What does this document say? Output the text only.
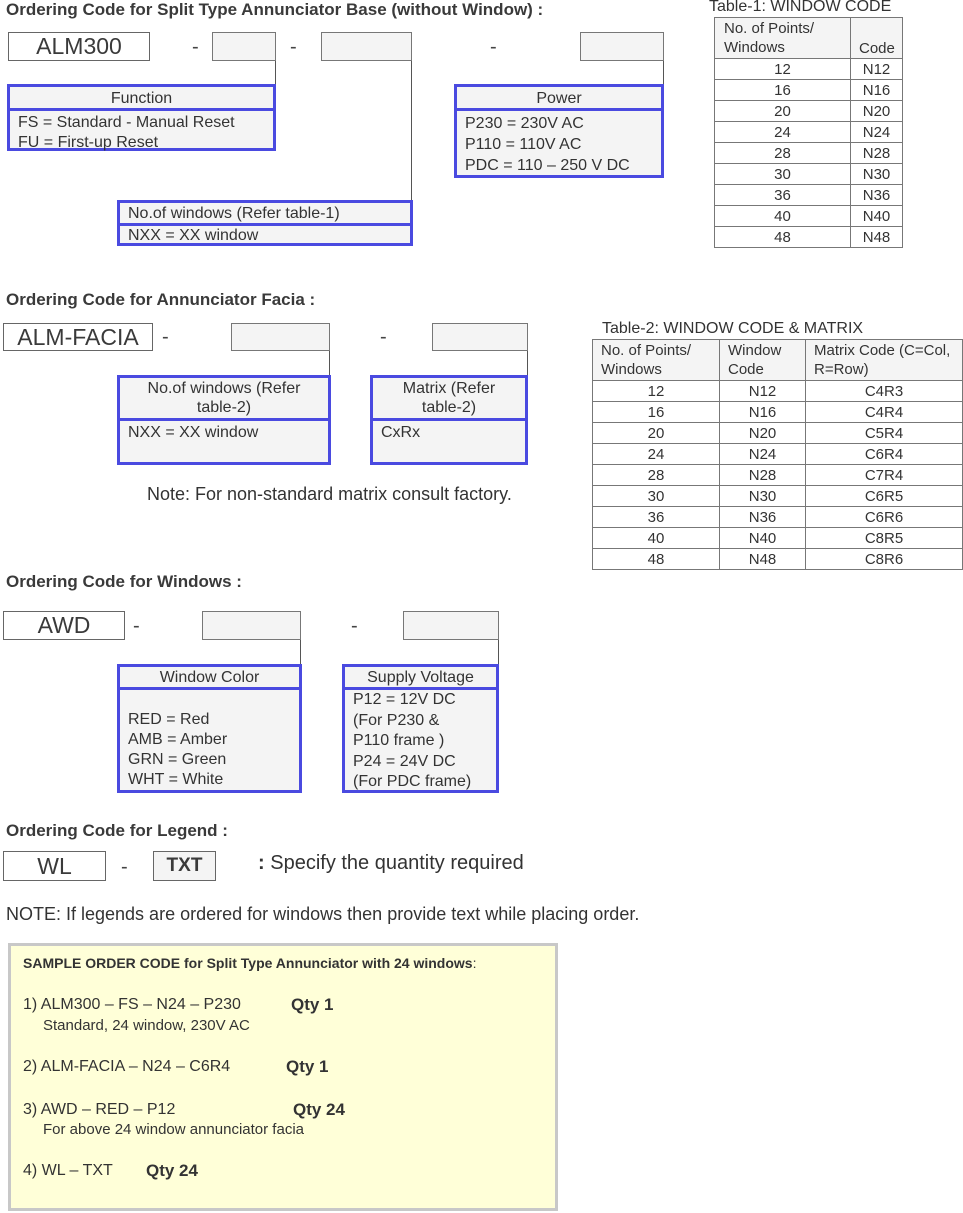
Ordering Code for Split Type Annunciator Base (without Window) :
ALM300	-	-	-
Function
FS = Standard - Manual Reset
FU = First-up Reset
Power
P230 = 230V AC
P110 = 110V AC
PDC = 110 – 250 V DC
No.of windows (Refer table-1)
NXX = XX window
Table-1: WINDOW CODE
No. of Points/ Windows	Code
12	N12
16	N16
20	N20
24	N24
28	N28
30	N30
36	N36
40	N40
48	N48
Ordering Code for Annunciator Facia :
ALM-FACIA	-	-
No.of windows (Refer table-2)
NXX = XX window
Matrix (Refer table-2)
CxRx
Note: For non-standard matrix consult factory.
Table-2: WINDOW CODE & MATRIX
No. of Points/ Windows	Window Code	Matrix Code (C=Col, R=Row)
12	N12	C4R3
16	N16	C4R4
20	N20	C5R4
24	N24	C6R4
28	N28	C7R4
30	N30	C6R5
36	N36	C6R6
40	N40	C8R5
48	N48	C8R6
Ordering Code for Windows :
AWD	-	-
Window Color
RED = Red
AMB = Amber
GRN = Green
WHT = White
Supply Voltage
P12 = 12V DC
(For P230 &
P110 frame )
P24 = 24V DC
(For PDC frame)
Ordering Code for Legend :
WL	-	TXT	: Specify the quantity required
NOTE: If legends are ordered for windows then provide text while placing order.
SAMPLE ORDER CODE for Split Type Annunciator with 24 windows:
1) ALM300 – FS – N24 – P230	Qty 1
Standard, 24 window, 230V AC
2) ALM-FACIA – N24 – C6R4	Qty 1
3) AWD – RED – P12	Qty 24
For above 24 window annunciator facia
4) WL – TXT Qty 24
